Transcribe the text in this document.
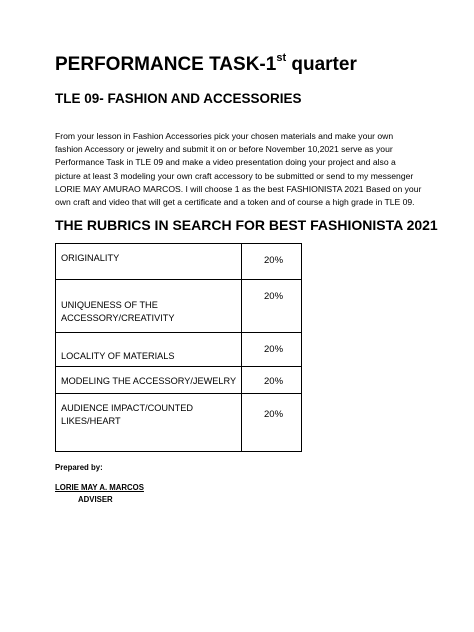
PERFORMANCE TASK-1st quarter
TLE 09- FASHION AND ACCESSORIES
From your lesson in Fashion Accessories pick your chosen materials and make your own
fashion Accessory or jewelry and submit it on or before November 10,2021 serve as your
Performance Task in TLE 09 and make a video presentation doing your project and also a
picture at least 3 modeling your own craft accessory to be submitted or send to my messenger
LORIE MAY AMURAO MARCOS. I will choose 1 as the best FASHIONISTA 2021 Based on your
own craft and video that will get a certificate and a token and of course a high grade in TLE 09.
THE RUBRICS IN SEARCH FOR BEST FASHIONISTA 2021
ORIGINALITY	20%

UNIQUENESS OF THE
ACCESSORY/CREATIVITY	20%

LOCALITY OF MATERIALS	20%

MODELING THE ACCESSORY/JEWELRY	20%

AUDIENCE IMPACT/COUNTED
LIKES/HEART	20%
Prepared by:
LORIE MAY A. MARCOS
ADVISER
